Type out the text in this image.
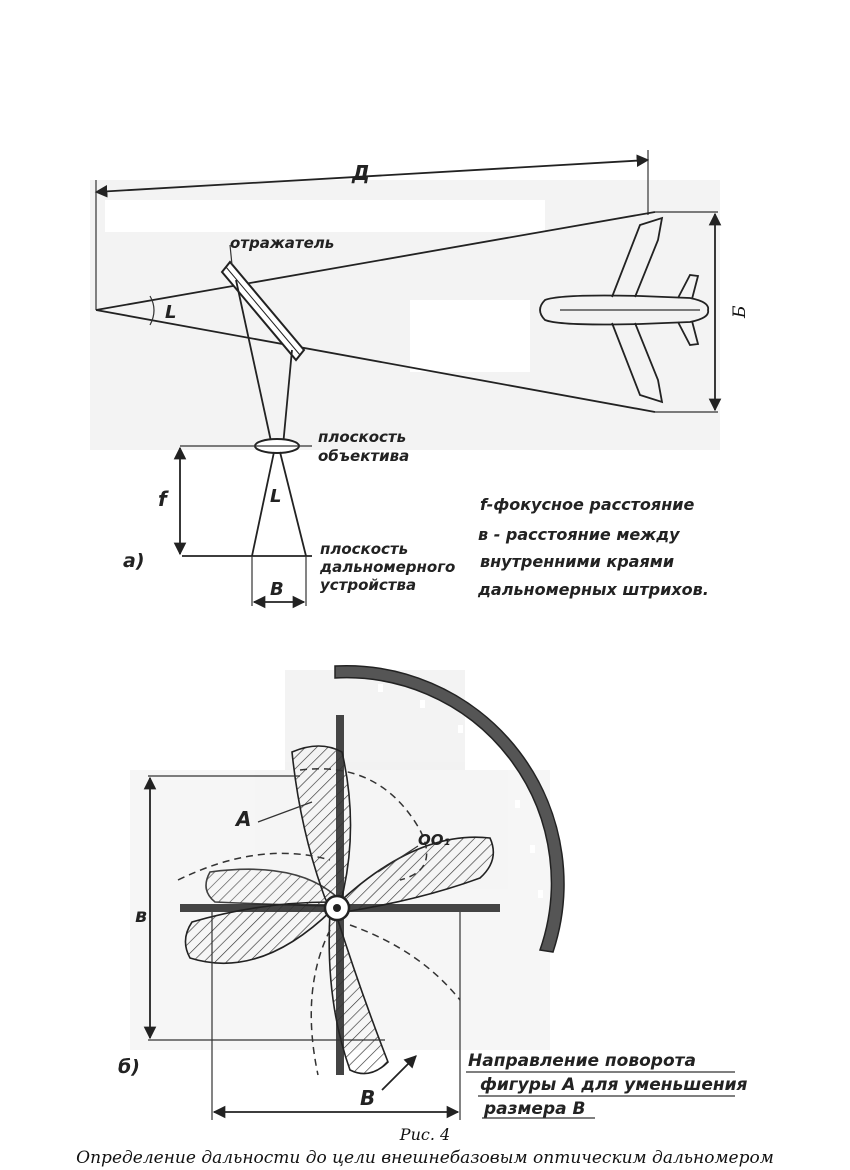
Д
L	Б
отражатель
плоскость
объектива
L
f
В
плоскость
дальномерного
устройства
а)
f-фокусное расстояние
в - расстояние между
внутренними краями
дальномерных штрихов.
A
OO₁
в
B
б)	Направление поворота
фигуры А для уменьшения
размера В
Рис. 4
Определение дальности до цели внешнебазовым оптическим дальномером
